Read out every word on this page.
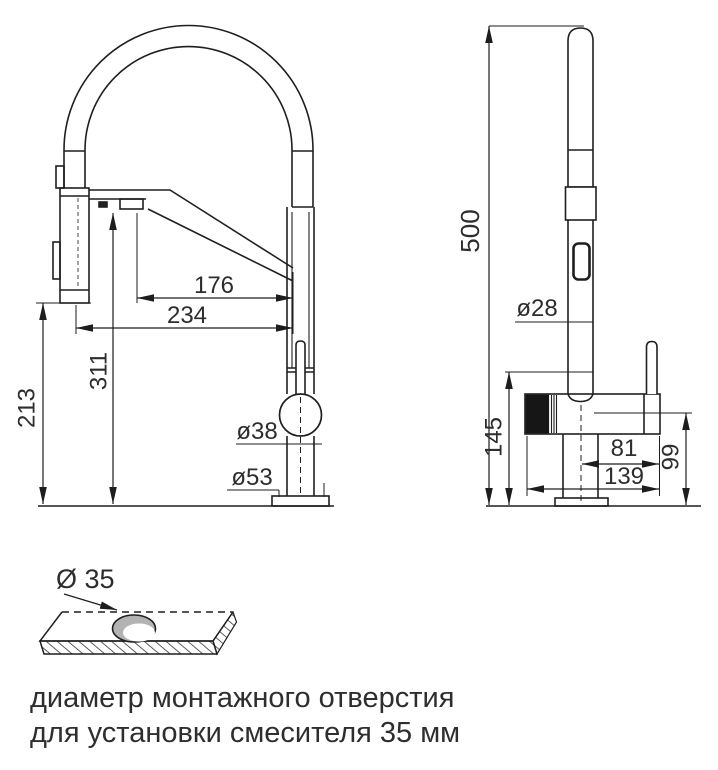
176
234
311
213
ø38
ø53
500
ø28
145	99
81
139
Ø 35
диаметр монтажного отверстия
для установки смесителя 35 мм
